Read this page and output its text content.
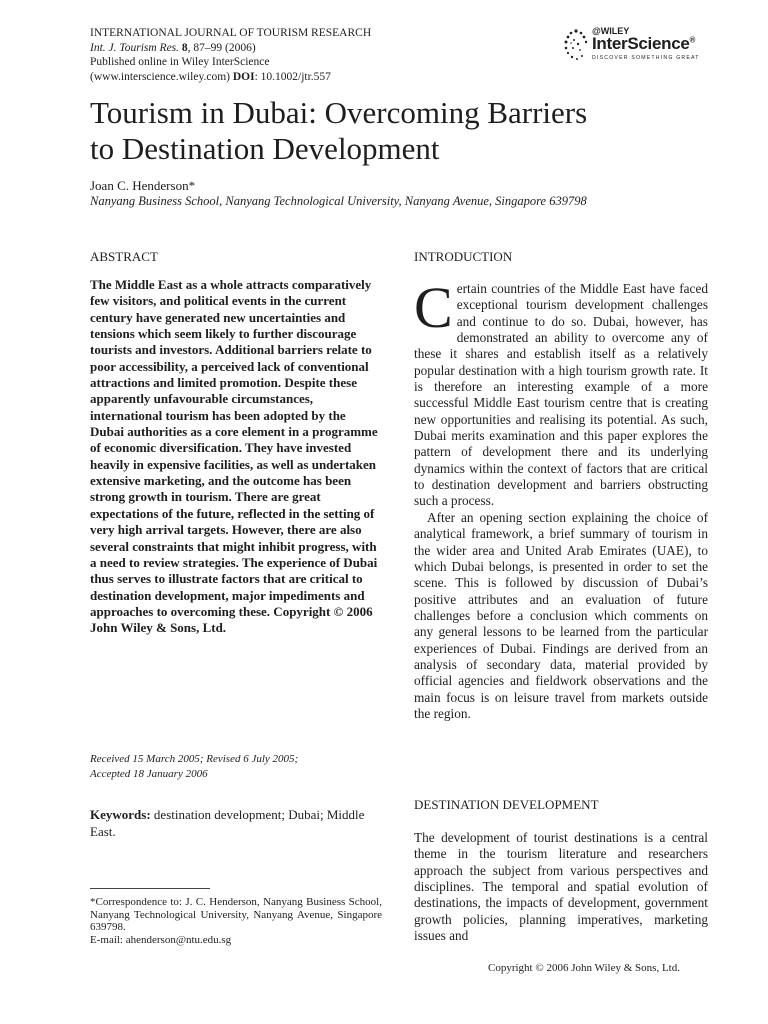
INTERNATIONAL JOURNAL OF TOURISM RESEARCH
Int. J. Tourism Res. 8, 87–99 (2006)
Published online in Wiley InterScience
(www.interscience.wiley.com) DOI: 10.1002/jtr.557
@WILEY
InterScience®
DISCOVER SOMETHING GREAT
Tourism in Dubai: Overcoming Barriers
to Destination Development
Joan C. Henderson*
Nanyang Business School, Nanyang Technological University, Nanyang Avenue, Singapore 639798
ABSTRACT

The Middle East as a whole attracts comparatively few visitors, and political events in the current century have generated new uncertainties and tensions which seem likely to further discourage tourists and investors. Additional barriers relate to poor accessibility, a perceived lack of conventional attractions and limited promotion. Despite these apparently unfavourable circumstances, international tourism has been adopted by the Dubai authorities as a core element in a programme of economic diversification. They have invested heavily in expensive facilities, as well as undertaken extensive marketing, and the outcome has been strong growth in tourism. There are great expectations of the future, reflected in the setting of very high arrival targets. However, there are also several constraints that might inhibit progress, with a need to review strategies. The experience of Dubai thus serves to illustrate factors that are critical to destination development, major impediments and approaches to overcoming these. Copyright © 2006 John Wiley & Sons, Ltd.

Received 15 March 2005; Revised 6 July 2005;
Accepted 18 January 2006
Keywords: destination development; Dubai; Middle East.
*Correspondence to: J. C. Henderson, Nanyang Business School, Nanyang Technological University, Nanyang Avenue, Singapore 639798.
E-mail: ahenderson@ntu.edu.sg
INTRODUCTION

Certain countries of the Middle East have faced exceptional tourism development challenges and continue to do so. Dubai, however, has demonstrated an ability to overcome any of these it shares and establish itself as a relatively popular destination with a high tourism growth rate. It is therefore an interesting example of a more successful Middle East tourism centre that is creating new opportunities and realising its potential. As such, Dubai merits examination and this paper explores the pattern of development there and its underlying dynamics within the context of factors that are critical to destination development and barriers obstructing such a process.

After an opening section explaining the choice of analytical framework, a brief summary of tourism in the wider area and United Arab Emirates (UAE), to which Dubai belongs, is presented in order to set the scene. This is followed by discussion of Dubai’s positive attributes and an evaluation of future challenges before a conclusion which comments on any general lessons to be learned from the particular experiences of Dubai. Findings are derived from an analysis of secondary data, material provided by official agencies and fieldwork observations and the main focus is on leisure travel from markets outside the region.

DESTINATION DEVELOPMENT

The development of tourist destinations is a central theme in the tourism literature and researchers approach the subject from various perspectives and disciplines. The temporal and spatial evolution of destinations, the impacts of development, government growth policies, planning imperatives, marketing issues and

Copyright © 2006 John Wiley & Sons, Ltd.
